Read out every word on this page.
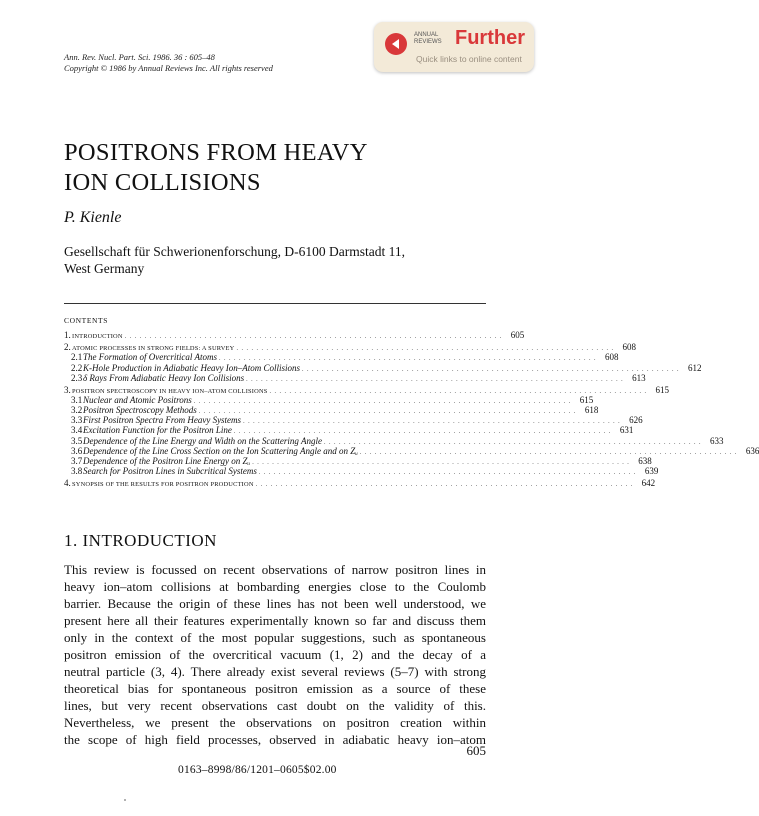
Ann. Rev. Nucl. Part. Sci. 1986. 36 : 605–48
Copyright © 1986 by Annual Reviews Inc. All rights reserved
ANNUAL
REVIEWS Further
Quick links to online content
POSITRONS FROM HEAVY
ION COLLISIONS
P. Kienle
Gesellschaft für Schwerionenforschung, D-6100 Darmstadt 11,
West Germany
CONTENTS
1. INTRODUCTION . . . . . . . . . . . . . . . . . . . . . . . . . . . . . . . . . . . . . . . . . . . . . . . . . . . . . . . . . . . . . . . . . . . . . . . . . . . . 605
2. ATOMIC PROCESSES IN STRONG FIELDS: A SURVEY . . . . . . . . . . . . . . . . . . . . . . . . . . . . . . . . . . . . . . . . . . . . . . . . . . . . . . . . . . . . . . . . . . . . . . . . . . . . 608
2.1 The Formation of Overcritical Atoms . . . . . . . . . . . . . . . . . . . . . . . . . . . . . . . . . . . . . . . . . . . . . . . . . . . . . . . . . . . . . . . . . . . . . . . . . . . . 608
2.2 K-Hole Production in Adiabatic Heavy Ion–Atom Collisions . . . . . . . . . . . . . . . . . . . . . . . . . . . . . . . . . . . . . . . . . . . . . . . . . . . . . . . . . . . . . . . . . . . . . . . . . . . . 612
2.3 δ Rays From Adiabatic Heavy Ion Collisions . . . . . . . . . . . . . . . . . . . . . . . . . . . . . . . . . . . . . . . . . . . . . . . . . . . . . . . . . . . . . . . . . . . . . . . . . . . . 613
3. POSITRON SPECTROSCOPY IN HEAVY ION–ATOM COLLISIONS . . . . . . . . . . . . . . . . . . . . . . . . . . . . . . . . . . . . . . . . . . . . . . . . . . . . . . . . . . . . . . . . . . . . . . . . . . . . 615
3.1 Nuclear and Atomic Positrons . . . . . . . . . . . . . . . . . . . . . . . . . . . . . . . . . . . . . . . . . . . . . . . . . . . . . . . . . . . . . . . . . . . . . . . . . . . . 615
3.2 Positron Spectroscopy Methods . . . . . . . . . . . . . . . . . . . . . . . . . . . . . . . . . . . . . . . . . . . . . . . . . . . . . . . . . . . . . . . . . . . . . . . . . . . . 618
3.3 First Positron Spectra From Heavy Systems . . . . . . . . . . . . . . . . . . . . . . . . . . . . . . . . . . . . . . . . . . . . . . . . . . . . . . . . . . . . . . . . . . . . . . . . . . . . 626
3.4 Excitation Function for the Positron Line . . . . . . . . . . . . . . . . . . . . . . . . . . . . . . . . . . . . . . . . . . . . . . . . . . . . . . . . . . . . . . . . . . . . . . . . . . . . 631
3.5 Dependence of the Line Energy and Width on the Scattering Angle . . . . . . . . . . . . . . . . . . . . . . . . . . . . . . . . . . . . . . . . . . . . . . . . . . . . . . . . . . . . . . . . . . . . . . . . . . . . 633
3.6 Dependence of the Line Cross Section on the Ion Scattering Angle and on Zᵤ . . . . . . . . . . . . . . . . . . . . . . . . . . . . . . . . . . . . . . . . . . . . . . . . . . . . . . . . . . . . . . . . . . . . . . . . . . . . 636
3.7 Dependence of the Positron Line Energy on Zᵤ . . . . . . . . . . . . . . . . . . . . . . . . . . . . . . . . . . . . . . . . . . . . . . . . . . . . . . . . . . . . . . . . . . . . . . . . . . . . 638
3.8 Search for Positron Lines in Subcritical Systems . . . . . . . . . . . . . . . . . . . . . . . . . . . . . . . . . . . . . . . . . . . . . . . . . . . . . . . . . . . . . . . . . . . . . . . . . . . . 639
4. SYNOPSIS OF THE RESULTS FOR POSITRON PRODUCTION . . . . . . . . . . . . . . . . . . . . . . . . . . . . . . . . . . . . . . . . . . . . . . . . . . . . . . . . . . . . . . . . . . . . . . . . . . . . 642
1. INTRODUCTION
This review is focussed on recent observations of narrow positron lines in
heavy ion–atom collisions at bombarding energies close to the Coulomb
barrier. Because the origin of these lines has not been well understood, we
present here all their features experimentally known so far and discuss them
only in the context of the most popular suggestions, such as spontaneous
positron emission of the overcritical vacuum (1, 2) and the decay of a
neutral particle (3, 4). There already exist several reviews (5–7) with strong
theoretical bias for spontaneous positron emission as a source of these
lines, but very recent observations cast doubt on the validity of this.
Nevertheless, we present the observations on positron creation within
the scope of high field processes, observed in adiabatic heavy ion–atom
605
0163–8998/86/1201–0605$02.00
